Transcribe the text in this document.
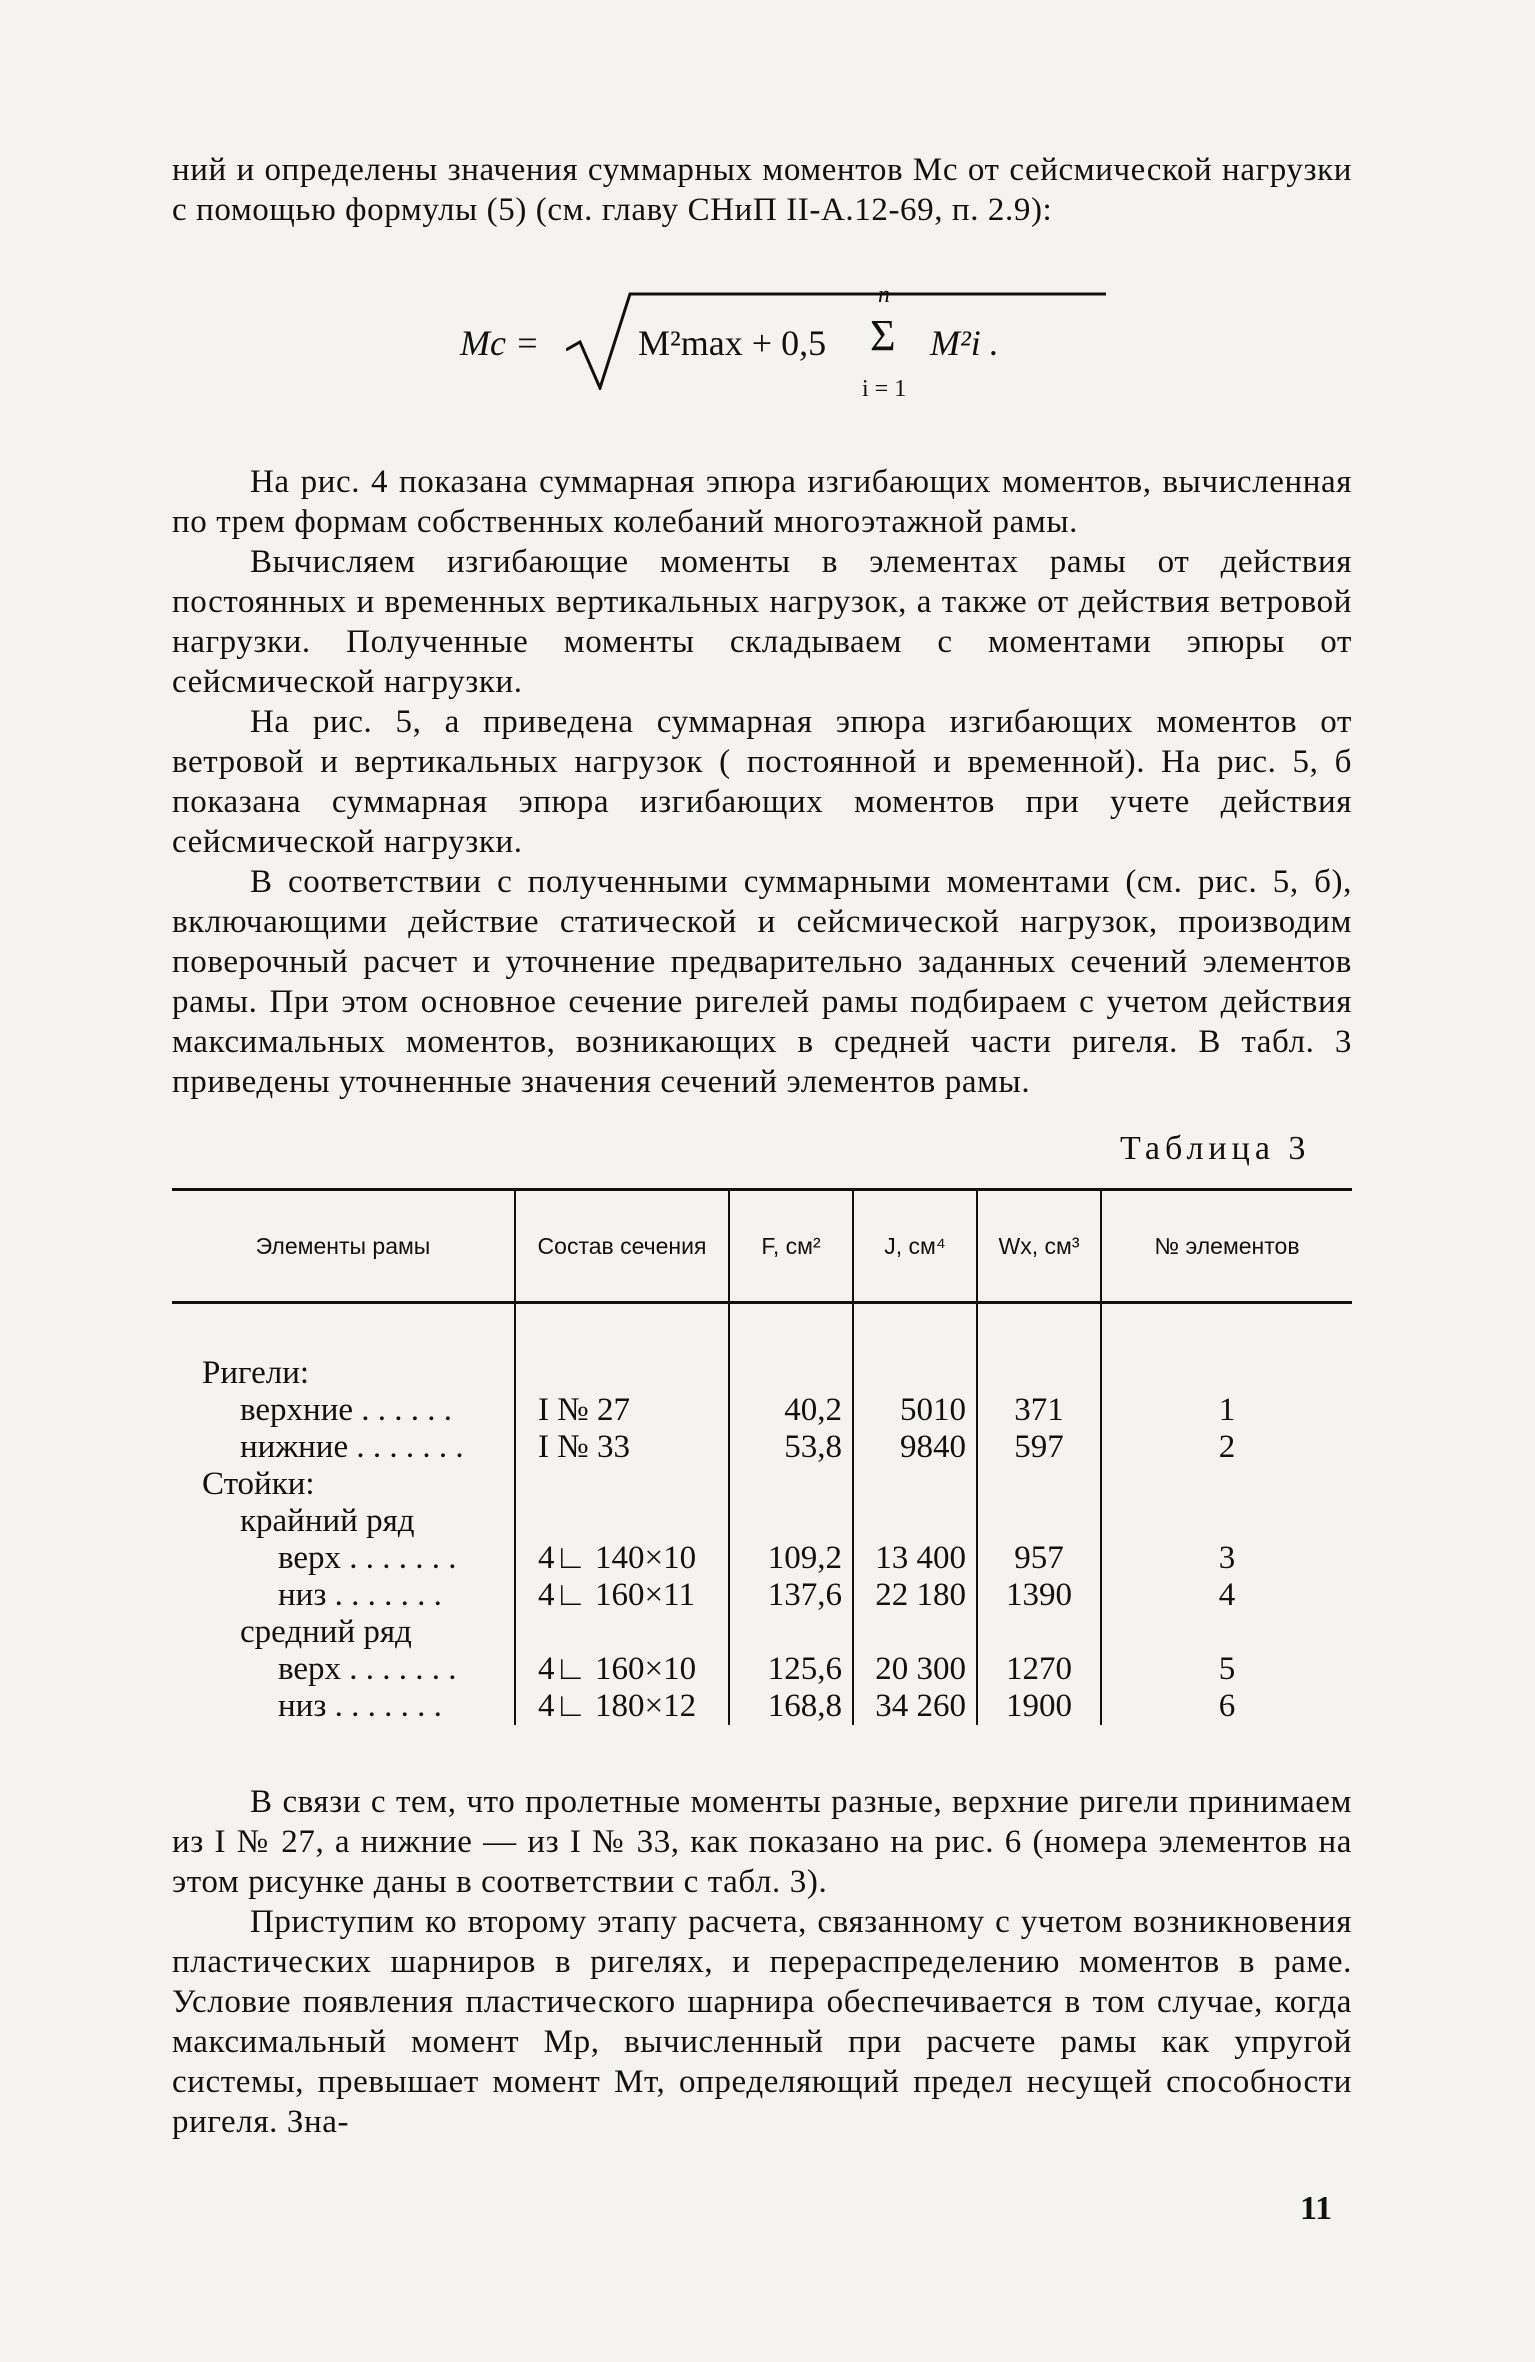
ний и определены значения суммарных моментов Mc от сейсмической нагрузки с помощью формулы (5) (см. главу СНиП II-А.12-69, п. 2.9):

Mc =	M²max + 0,5
n
Σ
i = 1
M²i .

На рис. 4 показана суммарная эпюра изгибающих моментов, вычисленная по трем формам собственных колебаний многоэтажной рамы.

Вычисляем изгибающие моменты в элементах рамы от действия постоянных и временных вертикальных нагрузок, а также от действия ветровой нагрузки. Полученные моменты складываем с моментами эпюры от сейсмической нагрузки.

На рис. 5, а приведена суммарная эпюра изгибающих моментов от ветровой и вертикальных нагрузок ( постоянной и временной). На рис. 5, б показана суммарная эпюра изгибающих моментов при учете действия сейсмической нагрузки.

В соответствии с полученными суммарными моментами (см. рис. 5, б), включающими действие статической и сейсмической нагрузок, производим поверочный расчет и уточнение предварительно заданных сечений элементов рамы. При этом основное сечение ригелей рамы подбираем с учетом действия максимальных моментов, возникающих в средней части ригеля. В табл. 3 приведены уточненные значения сечений элементов рамы.

Таблица 3
Элементы рамы	Состав сечения	F, см²	J, см⁴	Wx, см³	№ элементов

Ригели:					
верхние . . . . . .	I № 27	40,2	5010	371	1
нижние . . . . . . .	I № 33	53,8	9840	597	2
Стойки:					
крайний ряд					
верх . . . . . . .	4∟ 140×10	109,2	13 400	957	3
низ . . . . . . .	4∟ 160×11	137,6	22 180	1390	4
средний ряд					
верх . . . . . . .	4∟ 160×10	125,6	20 300	1270	5
низ . . . . . . .	4∟ 180×12	168,8	34 260	1900	6

В связи с тем, что пролетные моменты разные, верхние ригели принимаем из I № 27, а нижние — из I № 33, как показано на рис. 6 (номера элементов на этом рисунке даны в соответствии с табл. 3).

Приступим ко второму этапу расчета, связанному с учетом возникновения пластических шарниров в ригелях, и перераспределению моментов в раме. Условие появления пластического шарнира обеспечивается в том случае, когда максимальный момент Mp, вычисленный при расчете рамы как упругой системы, превышает момент Mт, определяющий предел несущей способности ригеля. Зна-

11
